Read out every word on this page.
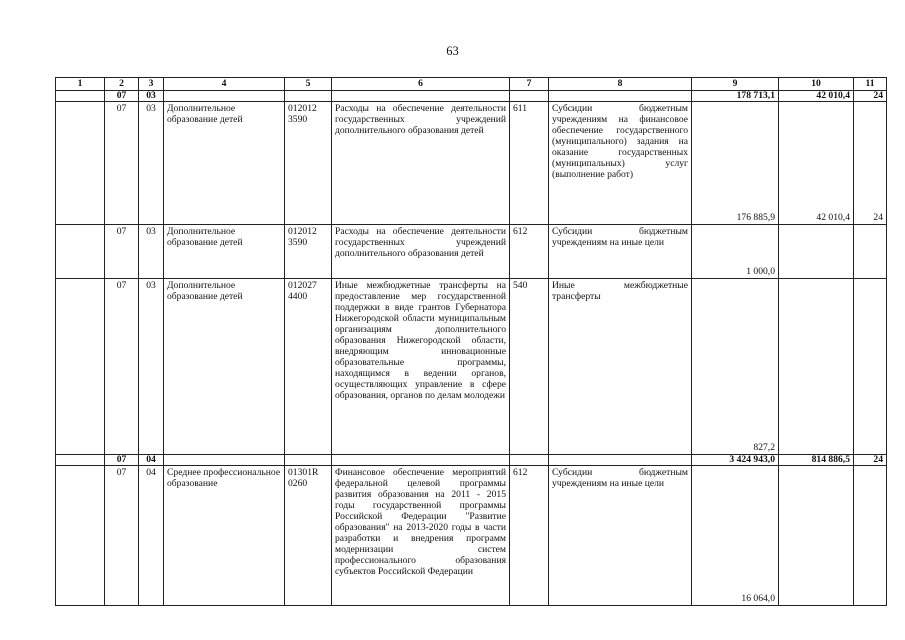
63
1	2	3	4	5	6	7	8	9	10	11
	07	03						178 713,1	42 010,4	24
	07	03	Дополнительное образование детей	012012 3590	Расходы на обеспечение деятельности государственных учреждений дополнительного образования детей	611	Субсидии бюджетным учреждениям на финансовое обеспечение государственного (муниципального) задания на оказание государственных (муниципальных) услуг (выполнение работ)	176 885,9	42 010,4	24
	07	03	Дополнительное образование детей	012012 3590	Расходы на обеспечение деятельности государственных учреждений дополнительного образования детей	612	Субсидии бюджетным учреждениям на иные цели	1 000,0		
	07	03	Дополнительное образование детей	012027 4400	Иные межбюджетные трансферты на предоставление мер государственной поддержки в виде грантов Губернатора Нижегородской области муниципальным организациям дополнительного образования Нижегородской области, внедряющим инновационные образовательные программы, находящимся в ведении органов, осуществляющих управление в сфере образования, органов по делам молодежи	540	Иные межбюджетные трансферты	827,2		
	07	04						3 424 943,0	814 886,5	24
	07	04	Среднее профессиональное образование	01301R 0260	Финансовое обеспечение мероприятий федеральной целевой программы развития образования на 2011 - 2015 годы государственной программы Российской Федерации "Развитие образования" на 2013-2020 годы в части разработки и внедрения программ модернизации систем профессионального образования субъектов Российской Федерации	612	Субсидии бюджетным учреждениям на иные цели	16 064,0		
